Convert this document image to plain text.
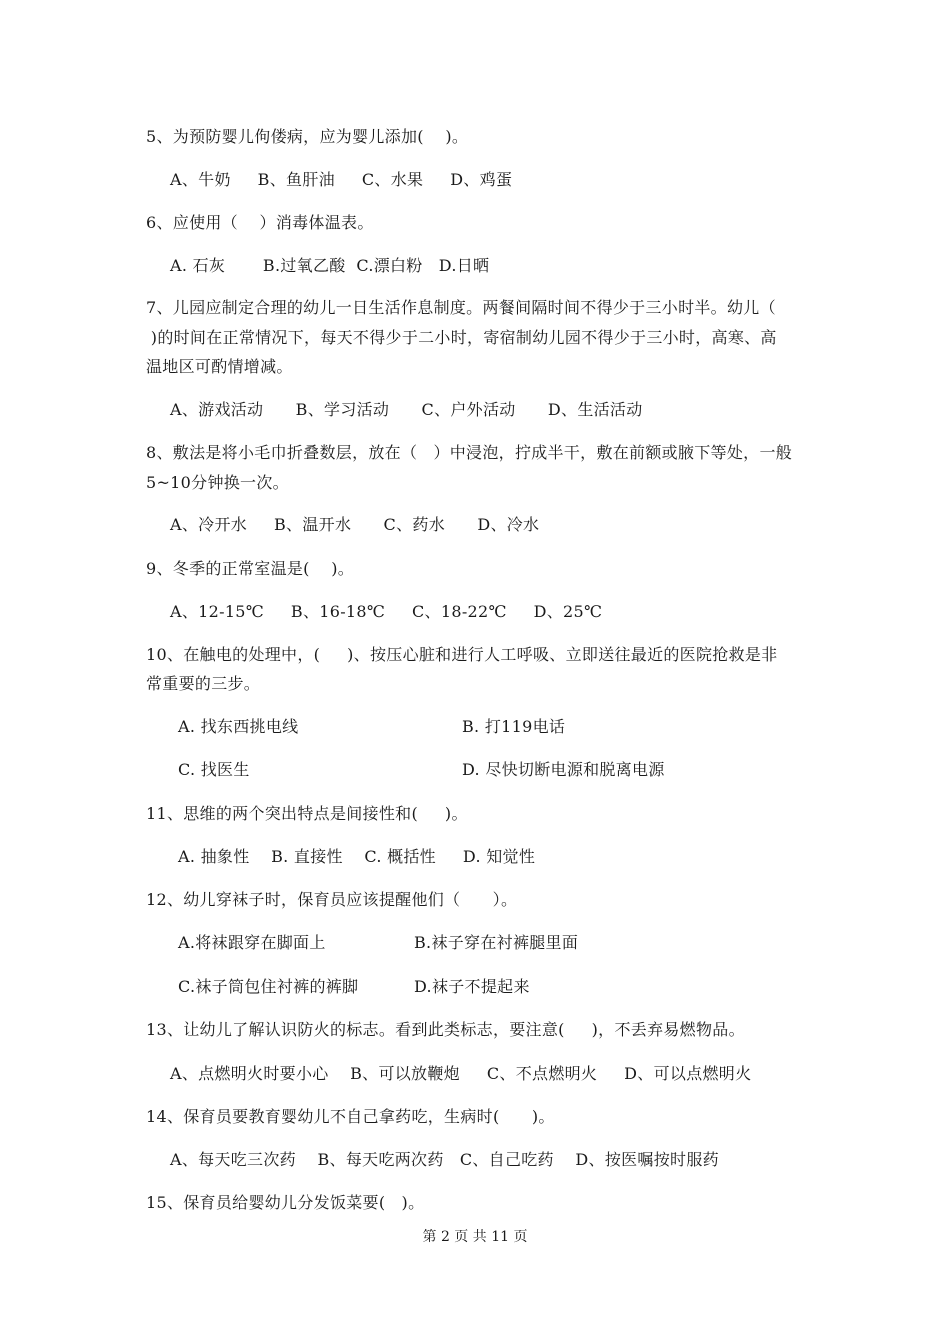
5、为预防婴儿佝偻病，应为婴儿添加(    )。
A、牛奶     B、鱼肝油     C、水果     D、鸡蛋
6、应使用（    ）消毒体温表。
A. 石灰       B.过氧乙酸  C.漂白粉   D.日晒
7、儿园应制定合理的幼儿一日生活作息制度。两餐间隔时间不得少于三小时半。幼儿（
)的时间在正常情况下，每天不得少于二小时，寄宿制幼儿园不得少于三小时，高寒、高
温地区可酌情增减。
A、游戏活动      B、学习活动      C、户外活动      D、生活活动
8、敷法是将小毛巾折叠数层，放在（   ）中浸泡，拧成半干，敷在前额或腋下等处，一般
5~10分钟换一次。
A、冷开水     B、温开水      C、药水      D、冷水
9、冬季的正常室温是(    )。
A、12-15℃     B、16-18℃     C、18-22℃     D、25℃
10、在触电的处理中，(     )、按压心脏和进行人工呼吸、立即送往最近的医院抢救是非
常重要的三步。
A. 找东西挑电线	B. 打119电话
C. 找医生	D. 尽快切断电源和脱离电源
11、思维的两个突出特点是间接性和(     )。
A. 抽象性    B. 直接性    C. 概括性     D. 知觉性
12、幼儿穿袜子时，保育员应该提醒他们（      ）。
A.将袜跟穿在脚面上	B.袜子穿在衬裤腿里面
C.袜子筒包住衬裤的裤脚	D.袜子不提起来
13、让幼儿了解认识防火的标志。看到此类标志，要注意(     )，不丢弃易燃物品。
A、点燃明火时要小心    B、可以放鞭炮     C、不点燃明火     D、可以点燃明火
14、保育员要教育婴幼儿不自己拿药吃，生病时(      )。
A、每天吃三次药    B、每天吃两次药   C、自己吃药    D、按医嘱按时服药
15、保育员给婴幼儿分发饭菜要(   )。
第 2 页 共 11 页
